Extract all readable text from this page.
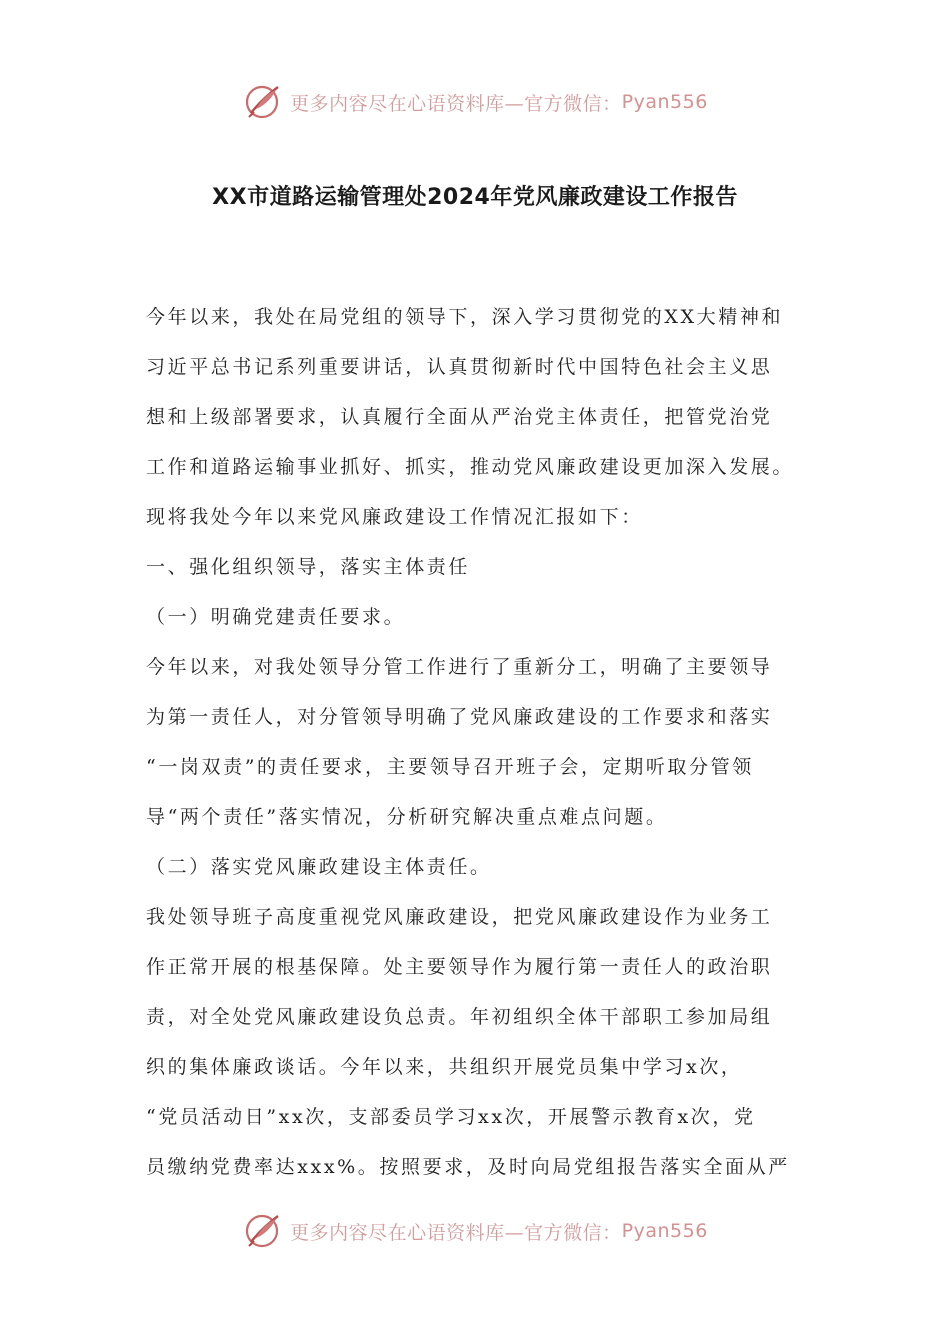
更多内容尽在心语资料库—官方微信： Pyan556
XX市道路运输管理处2024年党风廉政建设工作报告
今年以来，我处在局党组的领导下，深入学习贯彻党的XX大精神和
习近平总书记系列重要讲话，认真贯彻新时代中国特色社会主义思
想和上级部署要求，认真履行全面从严治党主体责任，把管党治党
工作和道路运输事业抓好、抓实，推动党风廉政建设更加深入发展。
现将我处今年以来党风廉政建设工作情况汇报如下：
一、强化组织领导，落实主体责任
（一）明确党建责任要求。
今年以来，对我处领导分管工作进行了重新分工，明确了主要领导
为第一责任人，对分管领导明确了党风廉政建设的工作要求和落实
“一岗双责”的责任要求，主要领导召开班子会，定期听取分管领
导“两个责任”落实情况，分析研究解决重点难点问题。
（二）落实党风廉政建设主体责任。
我处领导班子高度重视党风廉政建设，把党风廉政建设作为业务工
作正常开展的根基保障。处主要领导作为履行第一责任人的政治职
责，对全处党风廉政建设负总责。年初组织全体干部职工参加局组
织的集体廉政谈话。今年以来，共组织开展党员集中学习x次，
“党员活动日”xx次，支部委员学习xx次，开展警示教育x次，党
员缴纳党费率达xxx%。按照要求，及时向局党组报告落实全面从严
更多内容尽在心语资料库—官方微信： Pyan556
